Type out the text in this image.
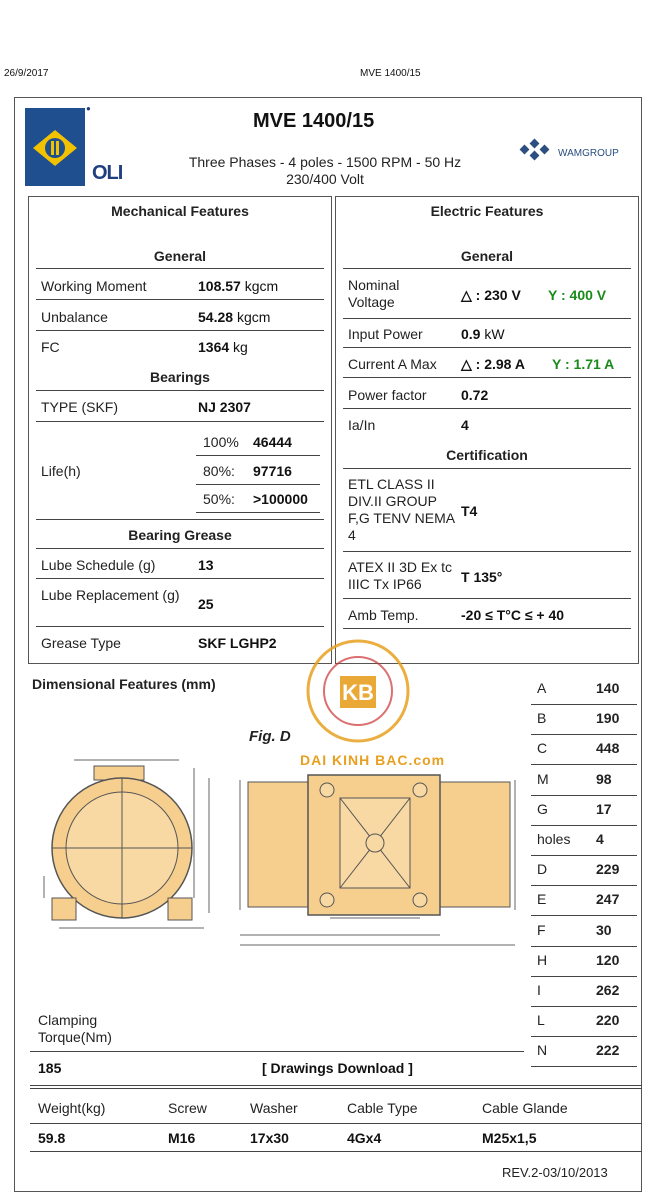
26/9/2017	MVE 1400/15
●
OLI
MVE 1400/15
Three Phases - 4 poles - 1500 RPM - 50 Hz
230/400 Volt
WAMGROUP
Mechanical Features
General
Working Moment	108.57 kgcm
Unbalance	54.28 kgcm
FC	1364 kg
Bearings
TYPE (SKF)	NJ 2307
Life(h)
100% 46444
80%: 97716
50%: >100000
Bearing Grease
Lube Schedule (g)	13
Lube Replacement (g)
25
Grease Type	SKF LGHP2
Electric Features
General
Nominal Voltage	△ : 230 V Y : 400 V
Input Power	0.9 kW
Current A Max △ : 2.98 A Y : 1.71 A
Power factor 0.72
Ia/In	4
Certification
ETL CLASS II DIV.II GROUP F,G TENV NEMA 4
T4
ATEX II 3D Ex tc IIIC Tx IP66	T 135°
Amb Temp.	-20 ≤ T°C ≤ + 40
Dimensional Features (mm)	KB
DAI KINH BAC.com
Fig. D
A	140
B	190
C	448
M	98
G	17
holes 4
D	229
E	247
F	30
H	120
I	262
L	220
N	222
Clamping Torque(Nm)
185	[ Drawings Download ]
Weight(kg)	Screw	Washer	Cable Type	Cable Glande
59.8	M16	17x30	4Gx4	M25x1,5
REV.2-03/10/2013
